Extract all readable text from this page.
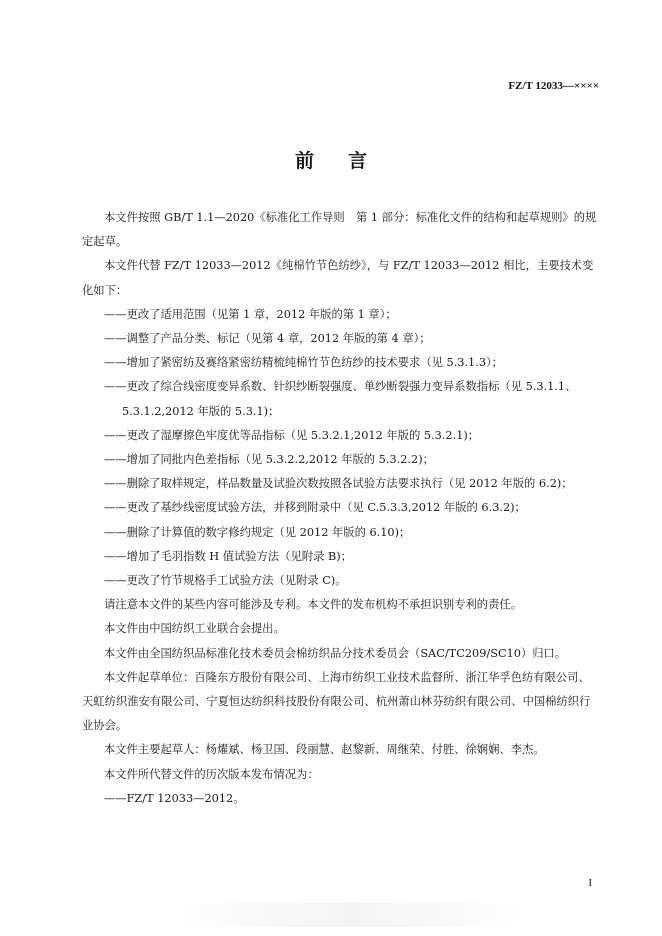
FZ/T 12033—××××
前 言

本文件按照 GB/T 1.1—2020《标准化工作导则　第 1 部分：标准化文件的结构和起草规则》的规

定起草。

本文件代替 FZ/T 12033—2012《纯棉竹节色纺纱》，与 FZ/T 12033—2012 相比，主要技术变化如下：

——更改了适用范围（见第 1 章，2012 年版的第 1 章）；

——调整了产品分类、标记（见第 4 章，2012 年版的第 4 章）；

——增加了紧密纺及赛络紧密纺精梳纯棉竹节色纺纱的技术要求（见 5.3.1.3）；

——更改了综合线密度变异系数、针织纱断裂强度、单纱断裂强力变异系数指标（见 5.3.1.1、

5.3.1.2,2012 年版的 5.3.1)；

——更改了湿摩擦色牢度优等品指标（见 5.3.2.1,2012 年版的 5.3.2.1)；

——增加了同批内色差指标（见 5.3.2.2,2012 年版的 5.3.2.2)；

——删除了取样规定，样品数量及试验次数按照各试验方法要求执行（见 2012 年版的 6.2)；

——更改了基纱线密度试验方法，并移到附录中（见 C.5.3.3,2012 年版的 6.3.2)；

——删除了计算值的数字修约规定（见 2012 年版的 6.10)；

——增加了毛羽指数 H 值试验方法（见附录 B)；

——更改了竹节规格手工试验方法（见附录 C)。

请注意本文件的某些内容可能涉及专利。本文件的发布机构不承担识别专利的责任。

本文件由中国纺织工业联合会提出。

本文件由全国纺织品标准化技术委员会棉纺织品分技术委员会（SAC/TC209/SC10）归口。

本文件起草单位：百隆东方股份有限公司、上海市纺织工业技术监督所、浙江华孚色纺有限公司、

天虹纺织淮安有限公司、宁夏恒达纺织科技股份有限公司、杭州萧山林芬纺织有限公司、中国棉纺织行

业协会。

本文件主要起草人：杨燿斌、杨卫国、段丽慧、赵黎新、周继荣、付胜、徐娴娴、李杰。

本文件所代替文件的历次版本发布情况为：

——FZ/T 12033—2012。

I
